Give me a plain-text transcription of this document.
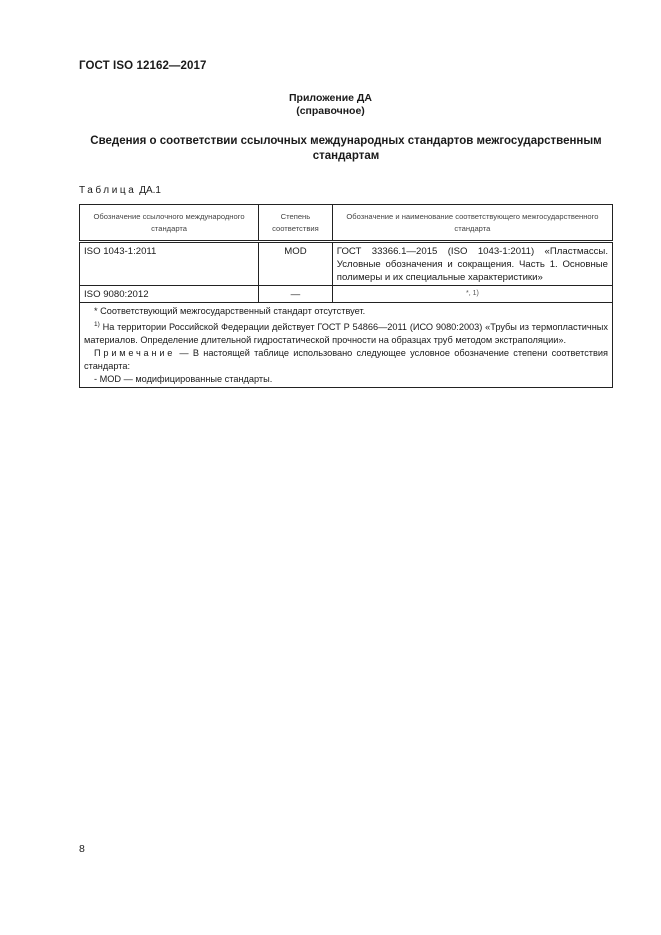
ГОСТ ISO 12162—2017
Приложение ДА
(справочное)
Сведения о соответствии ссылочных международных стандартов межгосударственным стандартам
Таблица ДА.1
Обозначение ссылочного международного стандарта	Степень соответствия	Обозначение и наименование соответствующего межгосударственного стандарта
ISO 1043-1:2011	MOD	ГОСТ 33366.1—2015 (ISO 1043-1:2011) «Пластмассы. Условные обозначения и сокращения. Часть 1. Основные полимеры и их специальные характеристики»
ISO 9080:2012	—	$^{*, 1)}$

* Соответствующий межгосударственный стандарт отсутствует.

$^{1)}$ На территории Российской Федерации действует ГОСТ Р 54866—2011 (ИСО 9080:2003) «Трубы из термопластичных материалов. Определение длительной гидростатической прочности на образцах труб методом экстраполяции».

Примечание — В настоящей таблице использовано следующее условное обозначение степени соответствия стандарта:

- MOD — модифицированные стандарты.		

8
